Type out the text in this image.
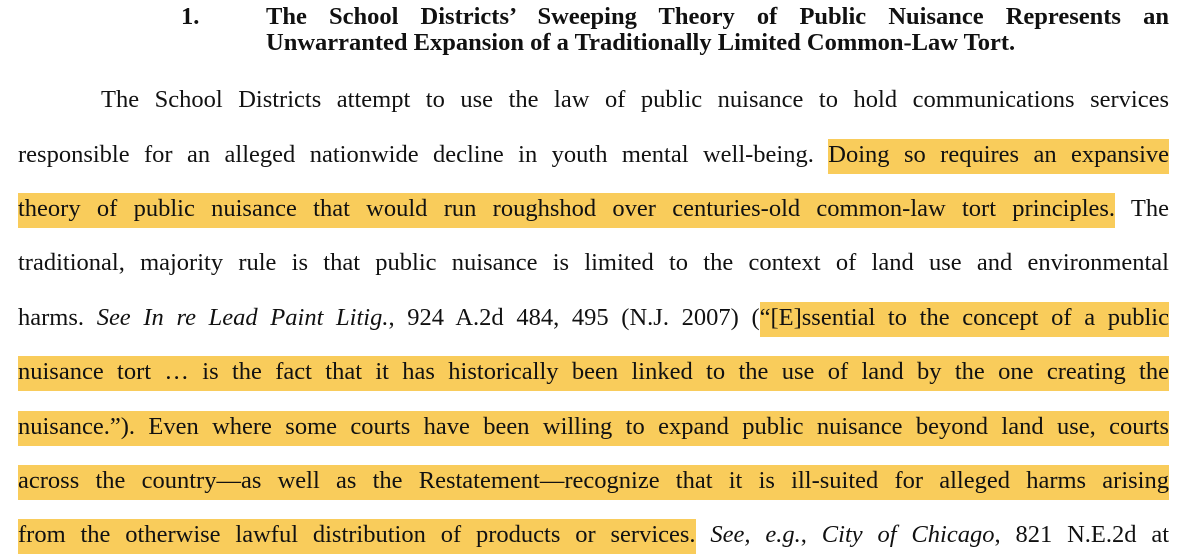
1.	The School Districts’ Sweeping Theory of Public Nuisance Represents an
Unwarranted Expansion of a Traditionally Limited Common-Law Tort.
The School Districts attempt to use the law of public nuisance to hold communications services
responsible for an alleged nationwide decline in youth mental well-being. Doing so requires an expansive
theory of public nuisance that would run roughshod over centuries-old common-law tort principles. The
traditional, majority rule is that public nuisance is limited to the context of land use and environmental
harms. See In re Lead Paint Litig., 924 A.2d 484, 495 (N.J. 2007) (“[E]ssential to the concept of a public
nuisance tort … is the fact that it has historically been linked to the use of land by the one creating the
nuisance.”). Even where some courts have been willing to expand public nuisance beyond land use, courts
across the country—as well as the Restatement—recognize that it is ill-suited for alleged harms arising
from the otherwise lawful distribution of products or services. See, e.g., City of Chicago, 821 N.E.2d at
